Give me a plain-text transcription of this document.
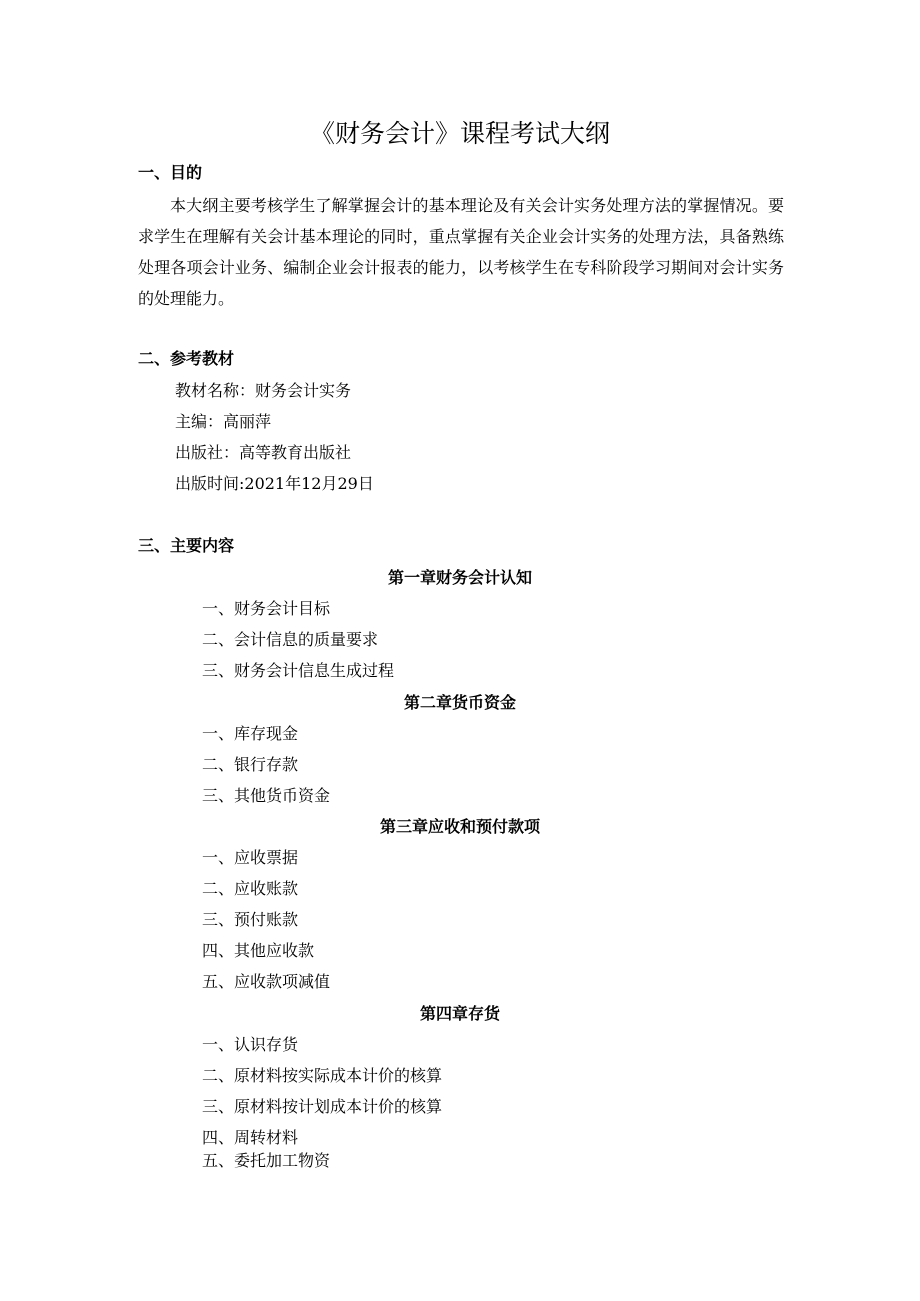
《财务会计》课程考试大纲
一、目的
本大纲主要考核学生了解掌握会计的基本理论及有关会计实务处理方法的掌握情况。要求学生在理解有关会计基本理论的同时，重点掌握有关企业会计实务的处理方法，具备熟练处理各项会计业务、编制企业会计报表的能力，以考核学生在专科阶段学习期间对会计实务的处理能力。
二、参考教材
教材名称：财务会计实务
主编：高丽萍
出版社：高等教育出版社
出版时间:2021年12月29日
三、主要内容
第一章财务会计认知
一、财务会计目标
二、会计信息的质量要求
三、财务会计信息生成过程
第二章货币资金
一、库存现金
二、银行存款
三、其他货币资金
第三章应收和预付款项
一、应收票据
二、应收账款
三、预付账款
四、其他应收款
五、应收款项减值
第四章存货
一、认识存货
二、原材料按实际成本计价的核算
三、原材料按计划成本计价的核算
四、周转材料
五、委托加工物资
